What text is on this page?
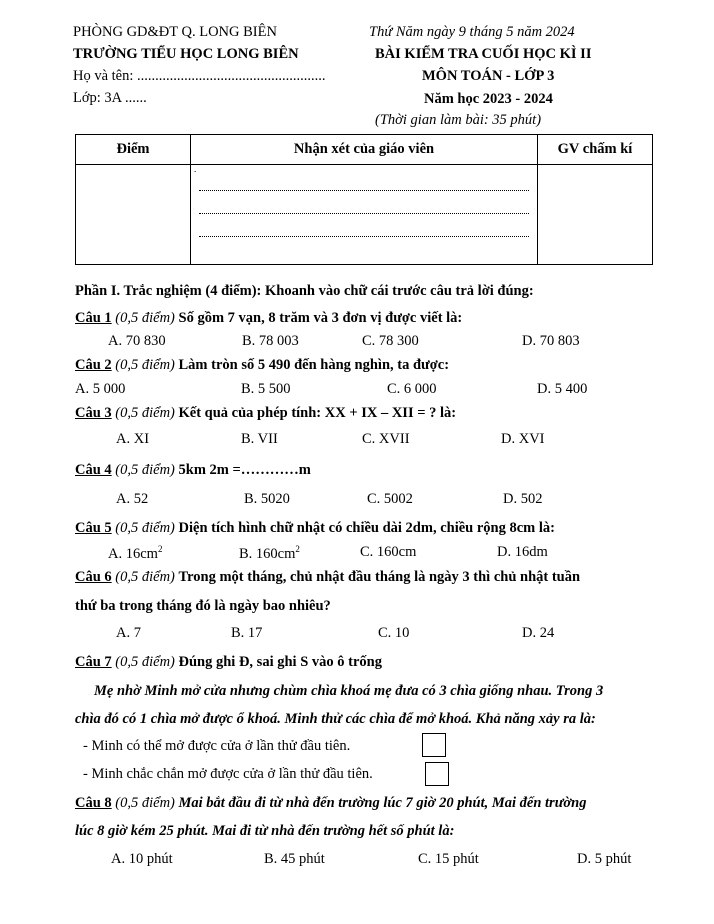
PHÒNG GD&ĐT Q. LONG BIÊN
TRƯỜNG TIỂU HỌC LONG BIÊN
Họ và tên: ....................................................
Lớp: 3A ......
Thứ Năm ngày 9 tháng 5 năm 2024
BÀI KIỂM TRA CUỐI HỌC KÌ II
MÔN TOÁN - LỚP 3
Năm học 2023 - 2024
(Thời gian làm bài: 35 phút)
Điểm	Nhận xét của giáo viên	GV chấm kí

	.	

Phần I. Trắc nghiệm (4 điểm): Khoanh vào chữ cái trước câu trả lời đúng:
Câu 1 (0,5 điểm) Số gồm 7 vạn, 8 trăm và 3 đơn vị được viết là:
A. 70 830	B. 78 003	C. 78 300	D. 70 803
Câu 2 (0,5 điểm) Làm tròn số 5 490 đến hàng nghìn, ta được:
A. 5 000	B. 5 500	C. 6 000	D. 5 400
Câu 3 (0,5 điểm) Kết quả của phép tính: XX + IX – XII = ? là:
A. XI	B. VII	C. XVII	D. XVI
Câu 4 (0,5 điểm) 5km 2m =…………m
A. 52	B. 5020	C. 5002	D. 502
Câu 5 (0,5 điểm) Diện tích hình chữ nhật có chiều dài 2dm, chiều rộng 8cm là:
A. $16cm^2$	B. $160cm^2$	C. 160cm	D. 16dm
Câu 6 (0,5 điểm) Trong một tháng, chủ nhật đầu tháng là ngày 3 thì chủ nhật tuần
thứ ba trong tháng đó là ngày bao nhiêu?
A. 7	B. 17	C. 10	D. 24
Câu 7 (0,5 điểm) Đúng ghi Đ, sai ghi S vào ô trống
Mẹ nhờ Minh mở cửa nhưng chùm chìa khoá mẹ đưa có 3 chìa giống nhau. Trong 3
chìa đó có 1 chìa mở được ổ khoá. Minh thử các chìa để mở khoá. Khả năng xảy ra là:
- Minh có thể mở được cửa ở lần thử đầu tiên.
- Minh chắc chắn mở được cửa ở lần thử đầu tiên.
Câu 8 (0,5 điểm) Mai bắt đầu đi từ nhà đến trường lúc 7 giờ 20 phút, Mai đến trường
lúc 8 giờ kém 25 phút. Mai đi từ nhà đến trường hết số phút là:
A. 10 phút	B. 45 phút	C. 15 phút	D. 5 phút
